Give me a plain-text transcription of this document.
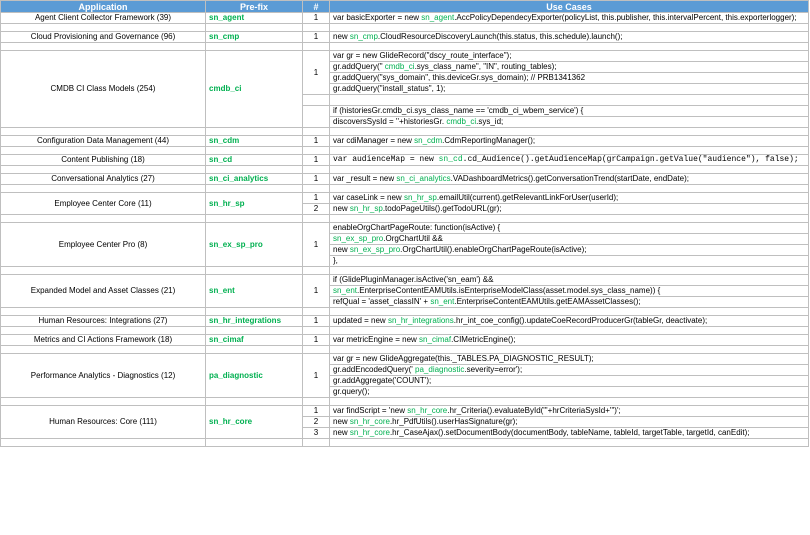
Application	Pre-fix	#	Use Cases
Agent Client Collector Framework (39)	sn_agent	1	var basicExporter = new sn_agent.AccPolicyDependecyExporter(policyList, this.publisher, this.intervalPercent, this.exporterlogger);

Cloud Provisioning and Governance (96)	sn_cmp	1	new sn_cmp.CloudResourceDiscoveryLaunch(this.status, this.schedule).launch();

CMDB CI Class Models (254)	cmdb_ci	1	var gr = new GlideRecord("dscy_route_interface");
			gr.addQuery(" cmdb_ci.sys_class_name", "IN", routing_tables);
			gr.addQuery("sys_domain", this.deviceGr.sys_domain); // PRB1341362
			gr.addQuery("install_status", 1);

			if (historiesGr.cmdb_ci.sys_class_name == 'cmdb_ci_wbem_service') {
			discoversSysId = ''+historiesGr. cmdb_ci.sys_id;

Configuration Data Management (44)	sn_cdm	1	var cdiManager = new sn_cdm.CdmReportingManager();

Content Publishing (18)	sn_cd	1	var audienceMap = new sn_cd.cd_Audience().getAudienceMap(grCampaign.getValue("audience"), false);

Conversational Analytics (27)	sn_ci_analytics	1	var _result = new sn_ci_analytics.VADashboardMetrics().getConversationTrend(startDate, endDate);

Employee Center Core (11)	sn_hr_sp	1	var caseLink = new sn_hr_sp.emailUtil(current).getRelevantLinkForUser(userId);
		2	new sn_hr_sp.todoPageUtils().getTodoURL(gr);

Employee Center Pro (8)	sn_ex_sp_pro	1	enableOrgChartPageRoute: function(isActive) {
			sn_ex_sp_pro.OrgChartUtil &&
			new sn_ex_sp_pro.OrgChartUtil().enableOrgChartPageRoute(isActive);
			},

Expanded Model and Asset Classes (21)	sn_ent	1	if (GlidePluginManager.isActive('sn_eam') &&
			sn_ent.EnterpriseContentEAMUtils.isEnterpriseModelClass(asset.model.sys_class_name)) {
			refQual = 'asset_classIN' + sn_ent.EnterpriseContentEAMUtils.getEAMAssetClasses();

Human Resources: Integrations (27)	sn_hr_integrations	1	updated = new sn_hr_integrations.hr_int_coe_config().updateCoeRecordProducerGr(tableGr, deactivate);

Metrics and CI Actions Framework (18)	sn_cimaf	1	var metricEngine = new sn_cimaf.CIMetricEngine();

Performance Analytics - Diagnostics (12)	pa_diagnostic	1	var gr = new GlideAggregate(this._TABLES.PA_DIAGNOSTIC_RESULT);
			gr.addEncodedQuery(' pa_diagnostic.severity=error');
			gr.addAggregate('COUNT');
			gr.query();

Human Resources: Core (111)	sn_hr_core	1	var findScript = 'new sn_hr_core.hr_Criteria().evaluateById("'+hrCriteriaSysId+'")';
		2	new sn_hr_core.hr_PdfUtils().userHasSignature(gr);
		3	new sn_hr_core.hr_CaseAjax().setDocumentBody(documentBody, tableName, tableId, targetTable, targetId, canEdit);
